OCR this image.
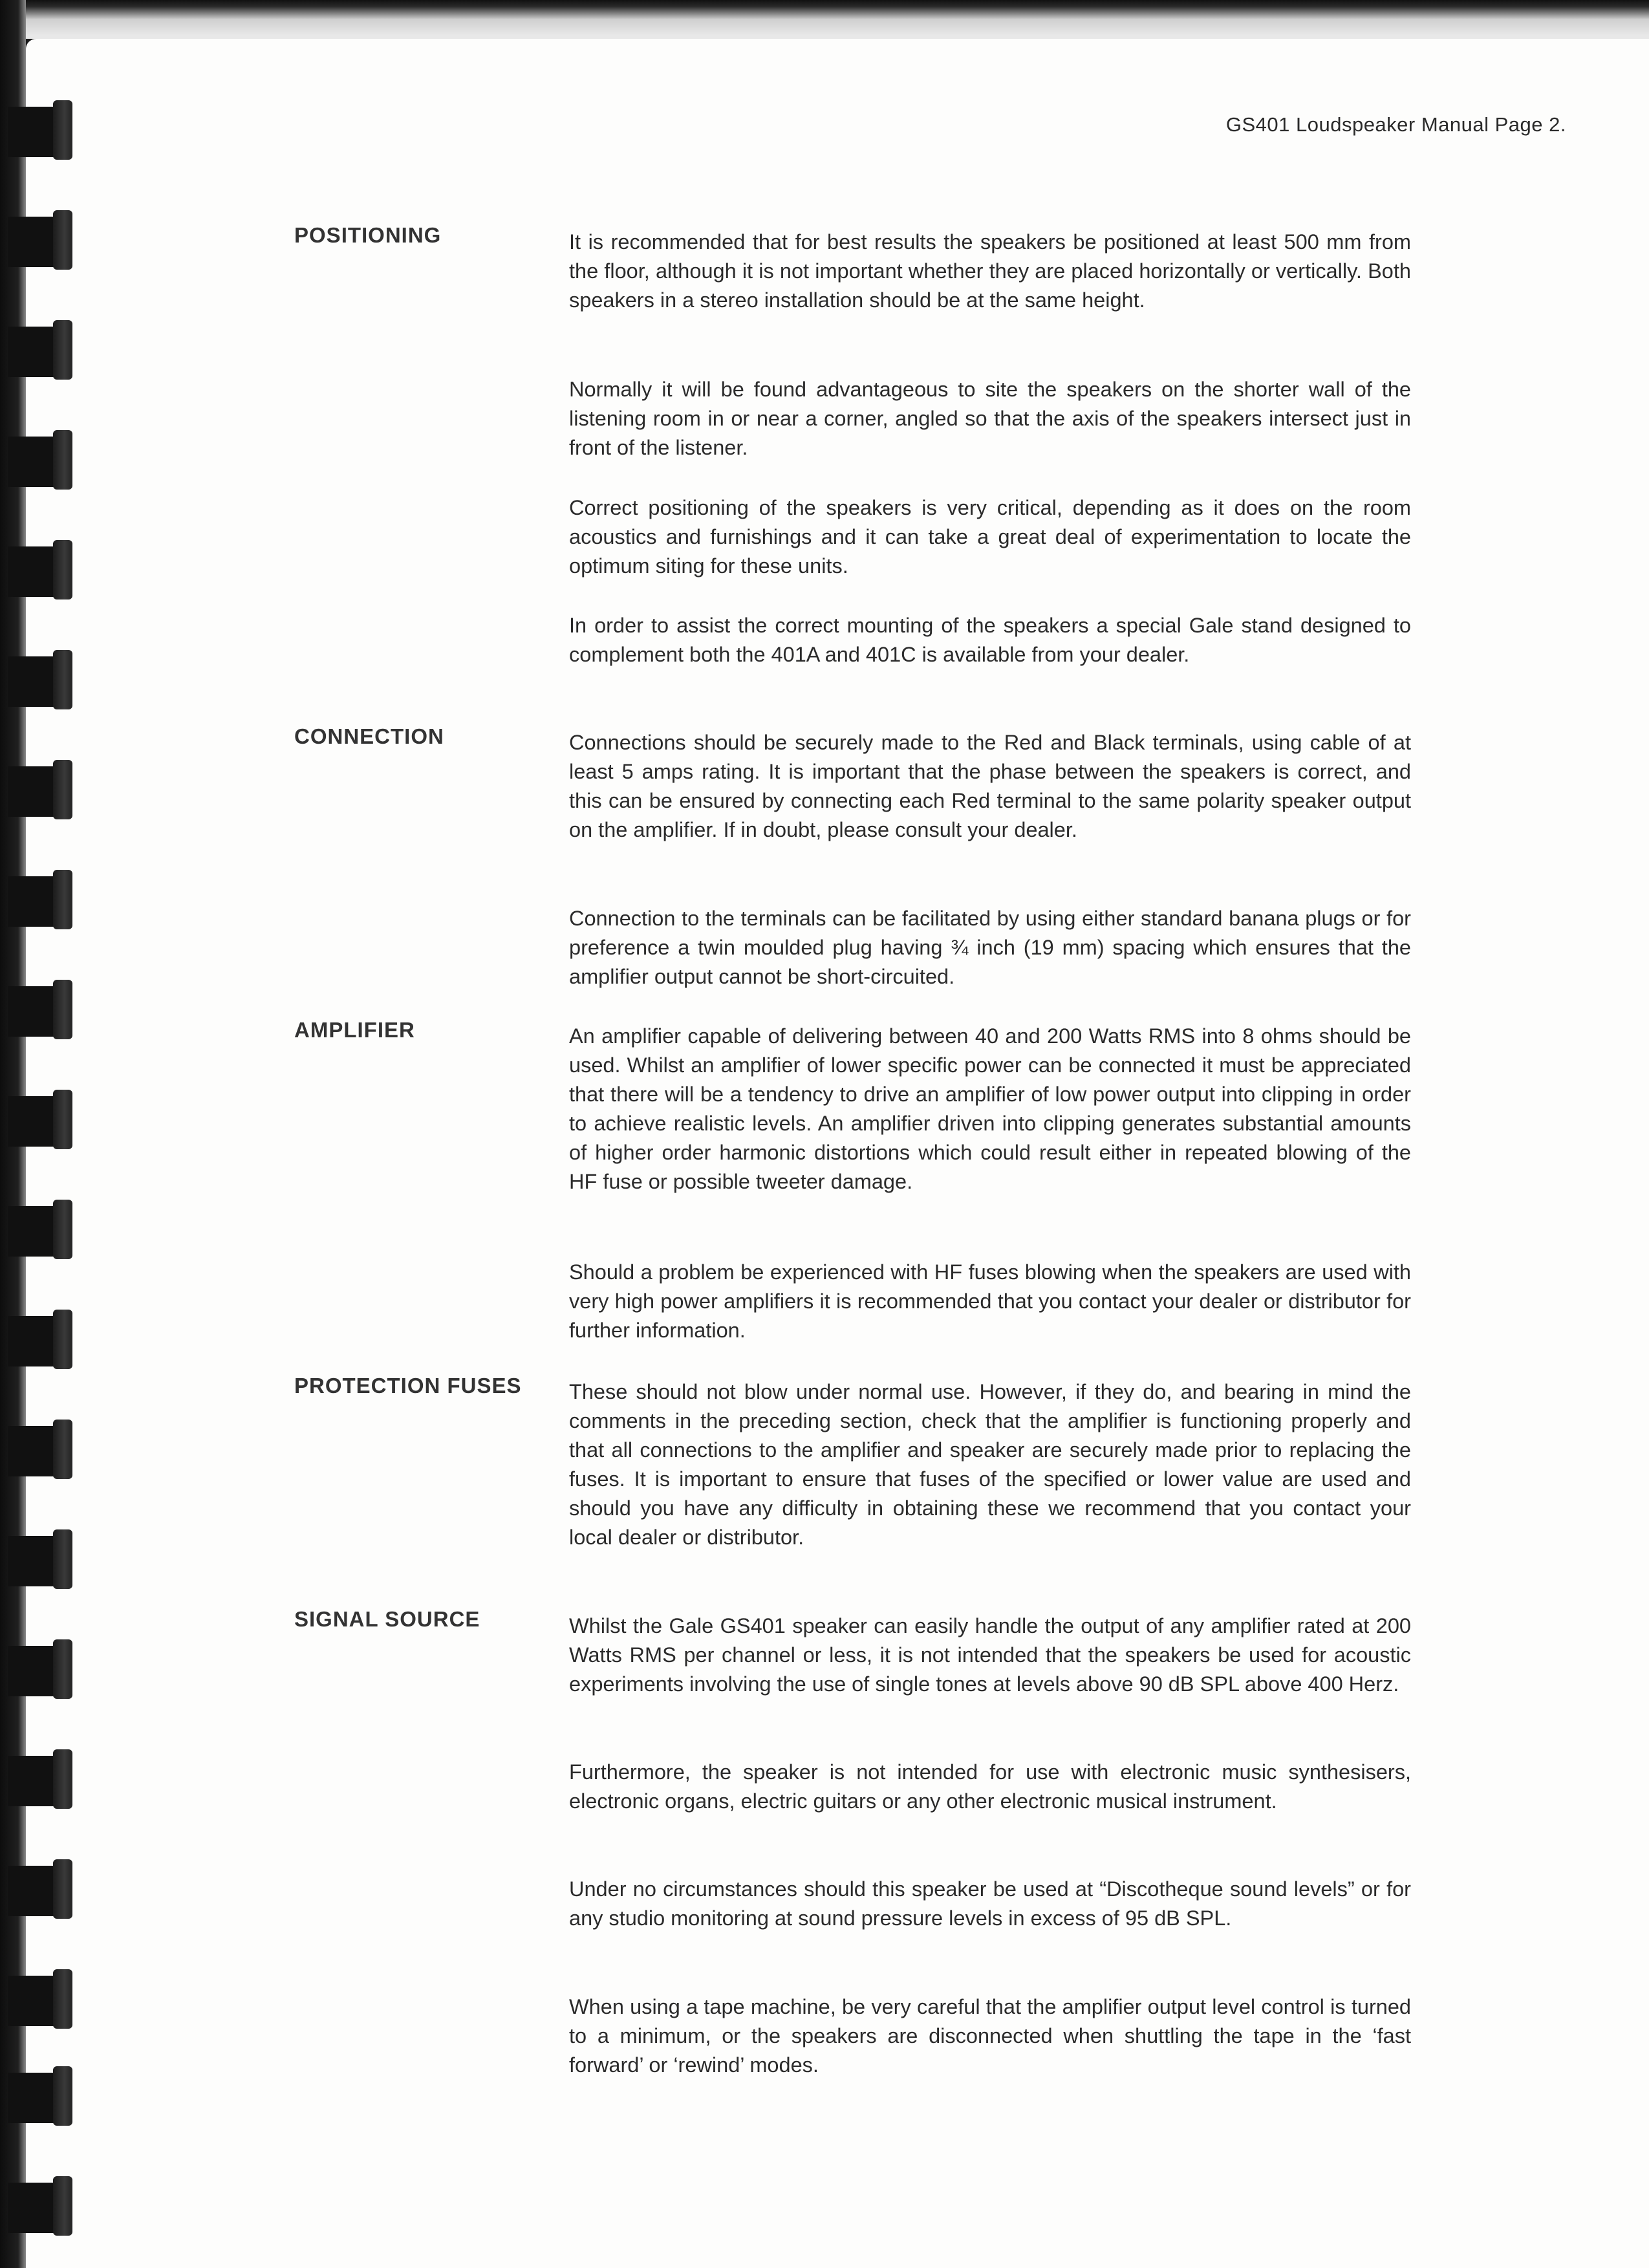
GS401 Loudspeaker Manual Page 2.
POSITIONING	It is recommended that for best results the speakers be positioned at least 500 mm from the floor, although it is not important whether they are placed horizontally or vertically. Both speakers in a stereo installation should be at the same height.
Normally it will be found advantageous to site the speakers on the shorter wall of the listening room in or near a corner, angled so that the axis of the speakers intersect just in front of the listener.
Correct positioning of the speakers is very critical, depending as it does on the room acoustics and furnishings and it can take a great deal of experimentation to locate the optimum siting for these units.
In order to assist the correct mounting of the speakers a special Gale stand designed to complement both the 401A and 401C is available from your dealer.
CONNECTION	Connections should be securely made to the Red and Black terminals, using cable of at least 5 amps rating. It is important that the phase between the speakers is correct, and this can be ensured by connecting each Red terminal to the same polarity speaker output on the amplifier. If in doubt, please consult your dealer.
Connection to the terminals can be facilitated by using either standard banana plugs or for preference a twin moulded plug having ¾ inch (19 mm) spacing which ensures that the amplifier output cannot be short-circuited.
AMPLIFIER	An amplifier capable of delivering between 40 and 200 Watts RMS into 8 ohms should be used. Whilst an amplifier of lower specific power can be connected it must be appreciated that there will be a tendency to drive an amplifier of low power output into clipping in order to achieve realistic levels. An amplifier driven into clipping generates substantial amounts of higher order harmonic distortions which could result either in repeated blowing of the HF fuse or possible tweeter damage.
Should a problem be experienced with HF fuses blowing when the speakers are used with very high power amplifiers it is recommended that you contact your dealer or distributor for further information.
PROTECTION FUSES These should not blow under normal use. However, if they do, and bearing in mind the comments in the preceding section, check that the amplifier is functioning properly and that all connections to the amplifier and speaker are securely made prior to replacing the fuses. It is important to ensure that fuses of the specified or lower value are used and should you have any difficulty in obtaining these we recommend that you contact your local dealer or distributor.
SIGNAL SOURCE	Whilst the Gale GS401 speaker can easily handle the output of any amplifier rated at 200 Watts RMS per channel or less, it is not intended that the speakers be used for acoustic experiments involving the use of single tones at levels above 90 dB SPL above 400 Herz.
Furthermore, the speaker is not intended for use with electronic music synthesisers, electronic organs, electric guitars or any other electronic musical instrument.
Under no circumstances should this speaker be used at “Discotheque sound levels” or for any studio monitoring at sound pressure levels in excess of 95 dB SPL.
When using a tape machine, be very careful that the amplifier output level control is turned to a minimum, or the speakers are disconnected when shuttling the tape in the ‘fast forward’ or ‘rewind’ modes.
